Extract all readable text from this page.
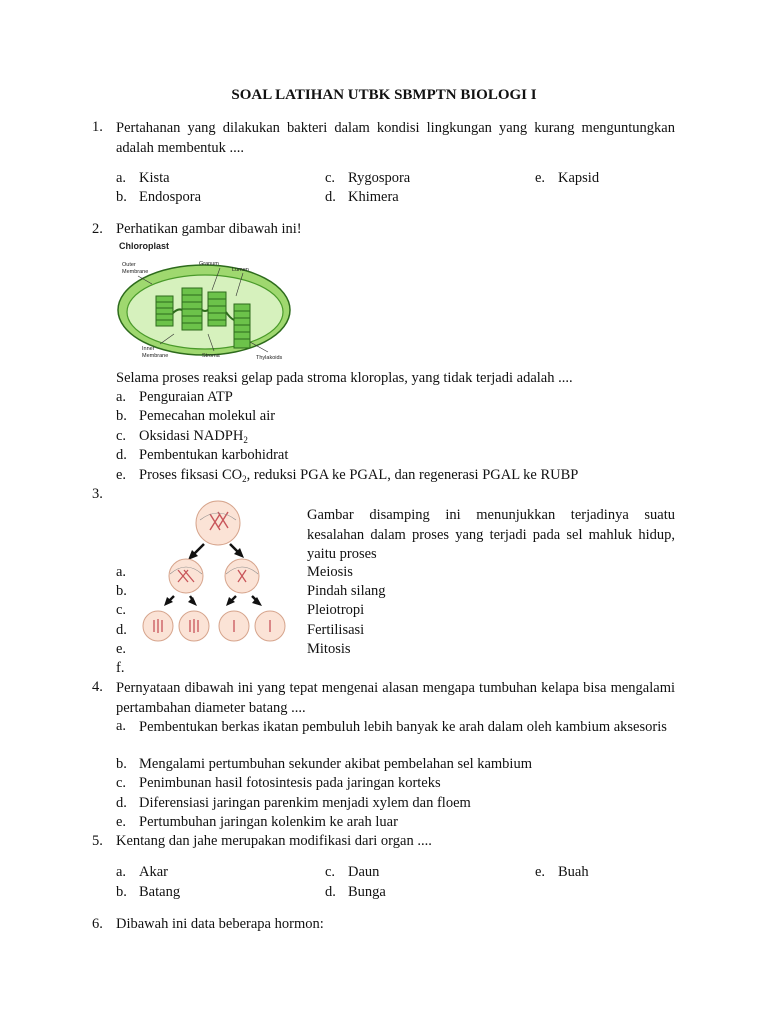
SOAL LATIHAN UTBK SBMPTN BIOLOGI I
1. Pertahanan yang dilakukan bakteri dalam kondisi lingkungan yang kurang menguntungkan adalah membentuk ....
a. Kista
b. Endospora
c. Rygospora
d. Khimera
e. Kapsid
2. Perhatikan gambar dibawah ini!
Chloroplast
Outer
Membrane
Granum
Lumen
Inner
Membrane	Stroma	Thylakoids
Selama proses reaksi gelap pada stroma kloroplas, yang tidak terjadi adalah ....
a. Penguraian ATP
b. Pemecahan molekul air
c. Oksidasi $NADPH_2$
d. Pembentukan karbohidrat
e. Proses fiksasi $CO_2$, reduksi PGA ke PGAL, dan regenerasi PGAL ke RUBP
3.
Gambar disamping ini menunjukkan terjadinya suatu kesalahan dalam proses yang terjadi pada sel mahluk hidup, yaitu proses
a.
b.
c.
d.
e.
f.
Meiosis
Pindah silang
Pleiotropi
Fertilisasi
Mitosis
4. Pernyataan dibawah ini yang tepat mengenai alasan mengapa tumbuhan kelapa bisa mengalami pertambahan diameter batang ....
a. Pembentukan berkas ikatan pembuluh lebih banyak ke arah dalam oleh kambium aksesoris
b. Mengalami pertumbuhan sekunder akibat pembelahan sel kambium
c. Penimbunan hasil fotosintesis pada jaringan korteks
d. Diferensiasi jaringan parenkim menjadi xylem dan floem
e. Pertumbuhan jaringan kolenkim ke arah luar
5. Kentang dan jahe merupakan modifikasi dari organ ....
a. Akar
b. Batang
c. Daun
d. Bunga
e. Buah
6. Dibawah ini data beberapa hormon:
